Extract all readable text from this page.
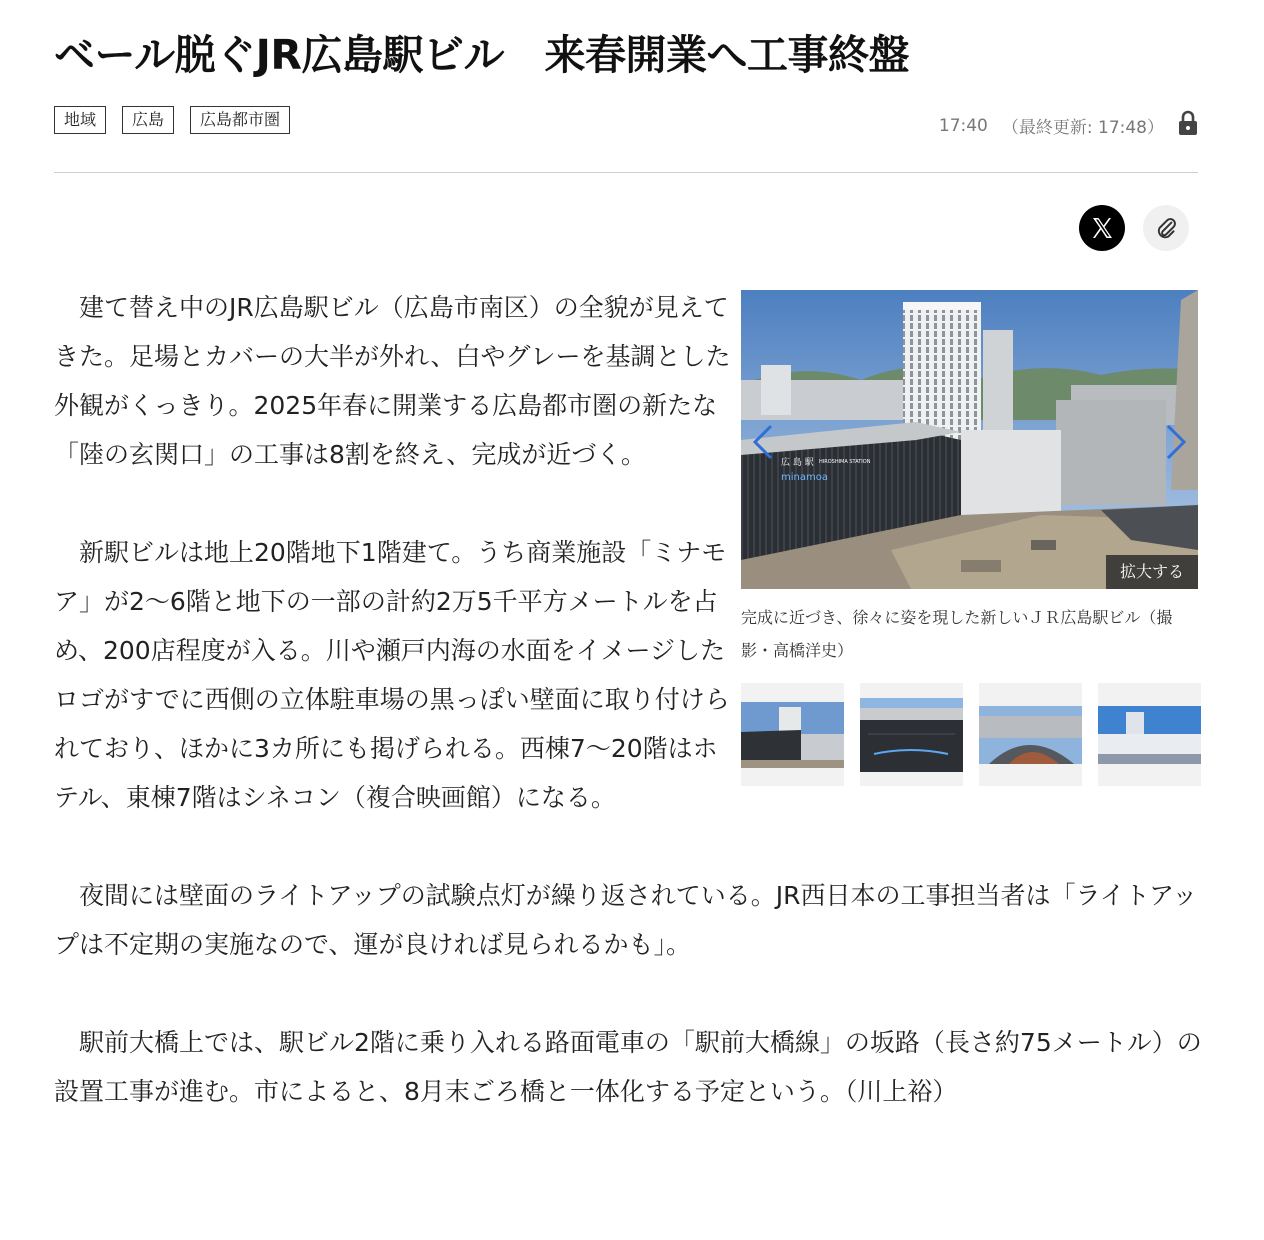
ベール脱ぐJR広島駅ビル　来春開業へ工事終盤
地域	広島	広島都市圏	17:40 （最終更新: 17:48）

建て替え中のJR広島駅ビル（広島市南区）の全貌が見えてきた。足場とカバーの大半が外れ、白やグレーを基調とした外観がくっきり。2025年春に開業する広島都市圏の新たな「陸の玄関口」の工事は8割を終え、完成が近づく。

新駅ビルは地上20階地下1階建て。うち商業施設「ミナモア」が2～6階と地下の一部の計約2万5千平方メートルを占め、200店程度が入る。川や瀬戸内海の水面をイメージしたロゴがすでに西側の立体駐車場の黒っぽい壁面に取り付けられており、ほかに3カ所にも掲げられる。西棟7～20階はホテル、東棟7階はシネコン（複合映画館）になる。

夜間には壁面のライトアップの試験点灯が繰り返されている。JR西日本の工事担当者は「ライトアップは不定期の実施なので、運が良ければ見られるかも」。

駅前大橋上では、駅ビル2階に乗り入れる路面電車の「駅前大橋線」の坂路（長さ約75メートル）の設置工事が進む。市によると、8月末ごろ橋と一体化する予定という。（川上裕）

広 島 駅 HIROSHIMA STATION
minamoa
拡大する
完成に近づき、徐々に姿を現した新しいＪＲ広島駅ビル（撮影・高橋洋史）
